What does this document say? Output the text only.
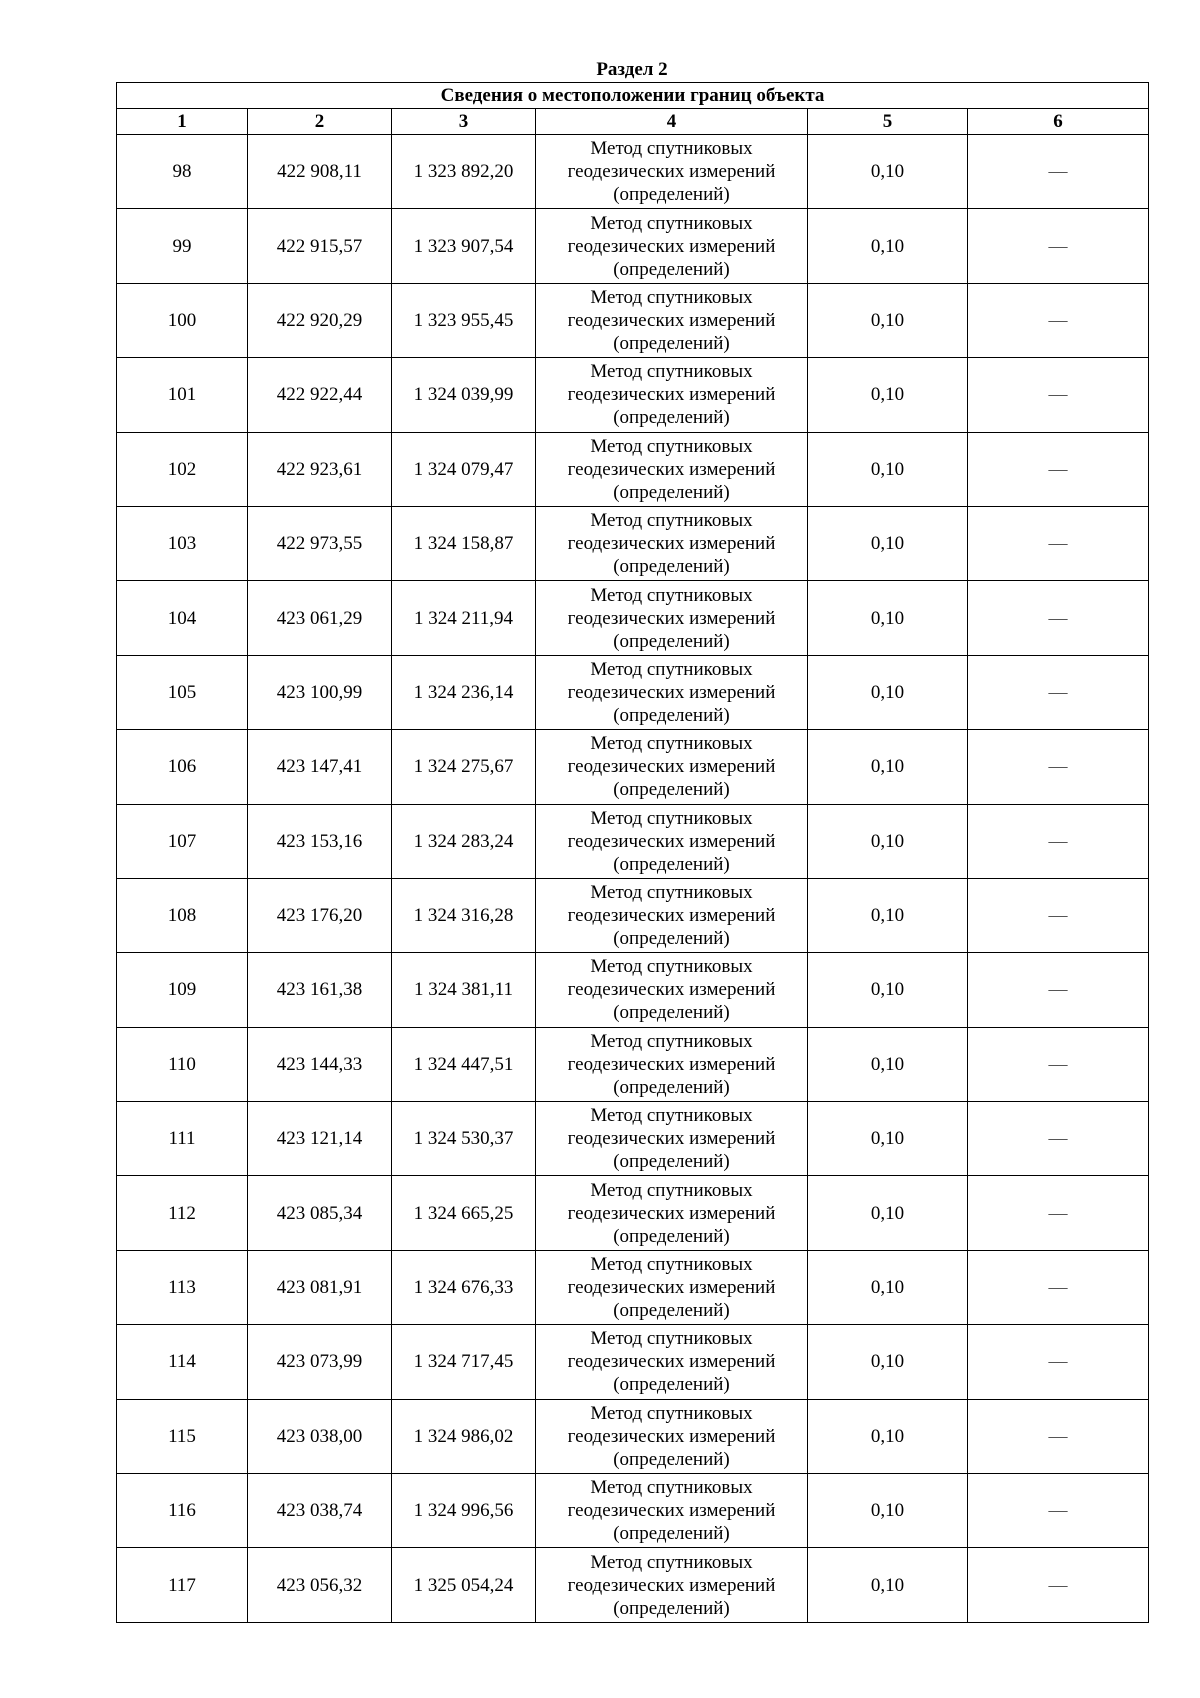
Раздел 2
Сведения о местоположении границ объекта					
1	2	3	4	5	6
98	422 908,11	1 323 892,20	Метод спутниковых
геодезических измерений
(определений)	0,10	—
99	422 915,57	1 323 907,54	Метод спутниковых
геодезических измерений
(определений)	0,10	—
100	422 920,29	1 323 955,45	Метод спутниковых
геодезических измерений
(определений)	0,10	—
101	422 922,44	1 324 039,99	Метод спутниковых
геодезических измерений
(определений)	0,10	—
102	422 923,61	1 324 079,47	Метод спутниковых
геодезических измерений
(определений)	0,10	—
103	422 973,55	1 324 158,87	Метод спутниковых
геодезических измерений
(определений)	0,10	—
104	423 061,29	1 324 211,94	Метод спутниковых
геодезических измерений
(определений)	0,10	—
105	423 100,99	1 324 236,14	Метод спутниковых
геодезических измерений
(определений)	0,10	—
106	423 147,41	1 324 275,67	Метод спутниковых
геодезических измерений
(определений)	0,10	—
107	423 153,16	1 324 283,24	Метод спутниковых
геодезических измерений
(определений)	0,10	—
108	423 176,20	1 324 316,28	Метод спутниковых
геодезических измерений
(определений)	0,10	—
109	423 161,38	1 324 381,11	Метод спутниковых
геодезических измерений
(определений)	0,10	—
110	423 144,33	1 324 447,51	Метод спутниковых
геодезических измерений
(определений)	0,10	—
111	423 121,14	1 324 530,37	Метод спутниковых
геодезических измерений
(определений)	0,10	—
112	423 085,34	1 324 665,25	Метод спутниковых
геодезических измерений
(определений)	0,10	—
113	423 081,91	1 324 676,33	Метод спутниковых
геодезических измерений
(определений)	0,10	—
114	423 073,99	1 324 717,45	Метод спутниковых
геодезических измерений
(определений)	0,10	—
115	423 038,00	1 324 986,02	Метод спутниковых
геодезических измерений
(определений)	0,10	—
116	423 038,74	1 324 996,56	Метод спутниковых
геодезических измерений
(определений)	0,10	—
117	423 056,32	1 325 054,24	Метод спутниковых
геодезических измерений
(определений)	0,10	—
